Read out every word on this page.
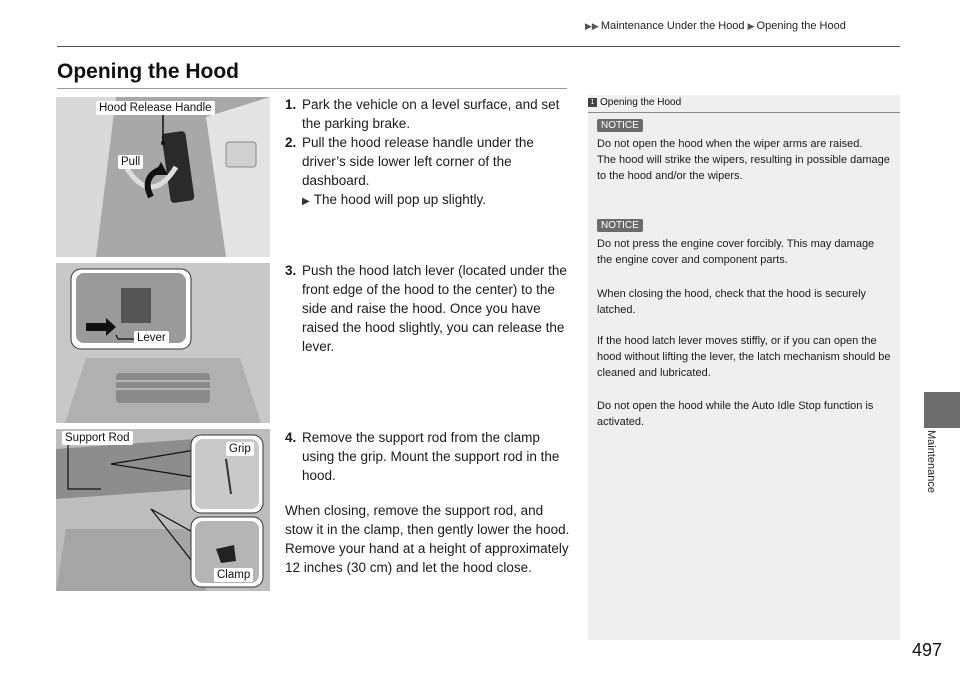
▶▶ Maintenance Under the Hood ▶ Opening the Hood
Opening the Hood
Hood Release Handle
Pull
Lever
Support Rod
Grip
Clamp
1. Park the vehicle on a level surface, and set the parking brake.
2. Pull the hood release handle under the driver’s side lower left corner of the dashboard.
▶ The hood will pop up slightly.
3. Push the hood latch lever (located under the front edge of the hood to the center) to the side and raise the hood. Once you have raised the hood slightly, you can release the lever.
4. Remove the support rod from the clamp using the grip. Mount the support rod in the hood.
When closing, remove the support rod, and stow it in the clamp, then gently lower the hood. Remove your hand at a height of approximately 12 inches (30 cm) and let the hood close.
1 Opening the Hood
NOTICE
Do not open the hood when the wiper arms are raised.
The hood will strike the wipers, resulting in possible damage to the hood and/or the wipers.
NOTICE
Do not press the engine cover forcibly. This may damage the engine cover and component parts.
When closing the hood, check that the hood is securely latched.
If the hood latch lever moves stiffly, or if you can open the hood without lifting the lever, the latch mechanism should be cleaned and lubricated.
Do not open the hood while the Auto Idle Stop function is activated.
Maintenance
497
